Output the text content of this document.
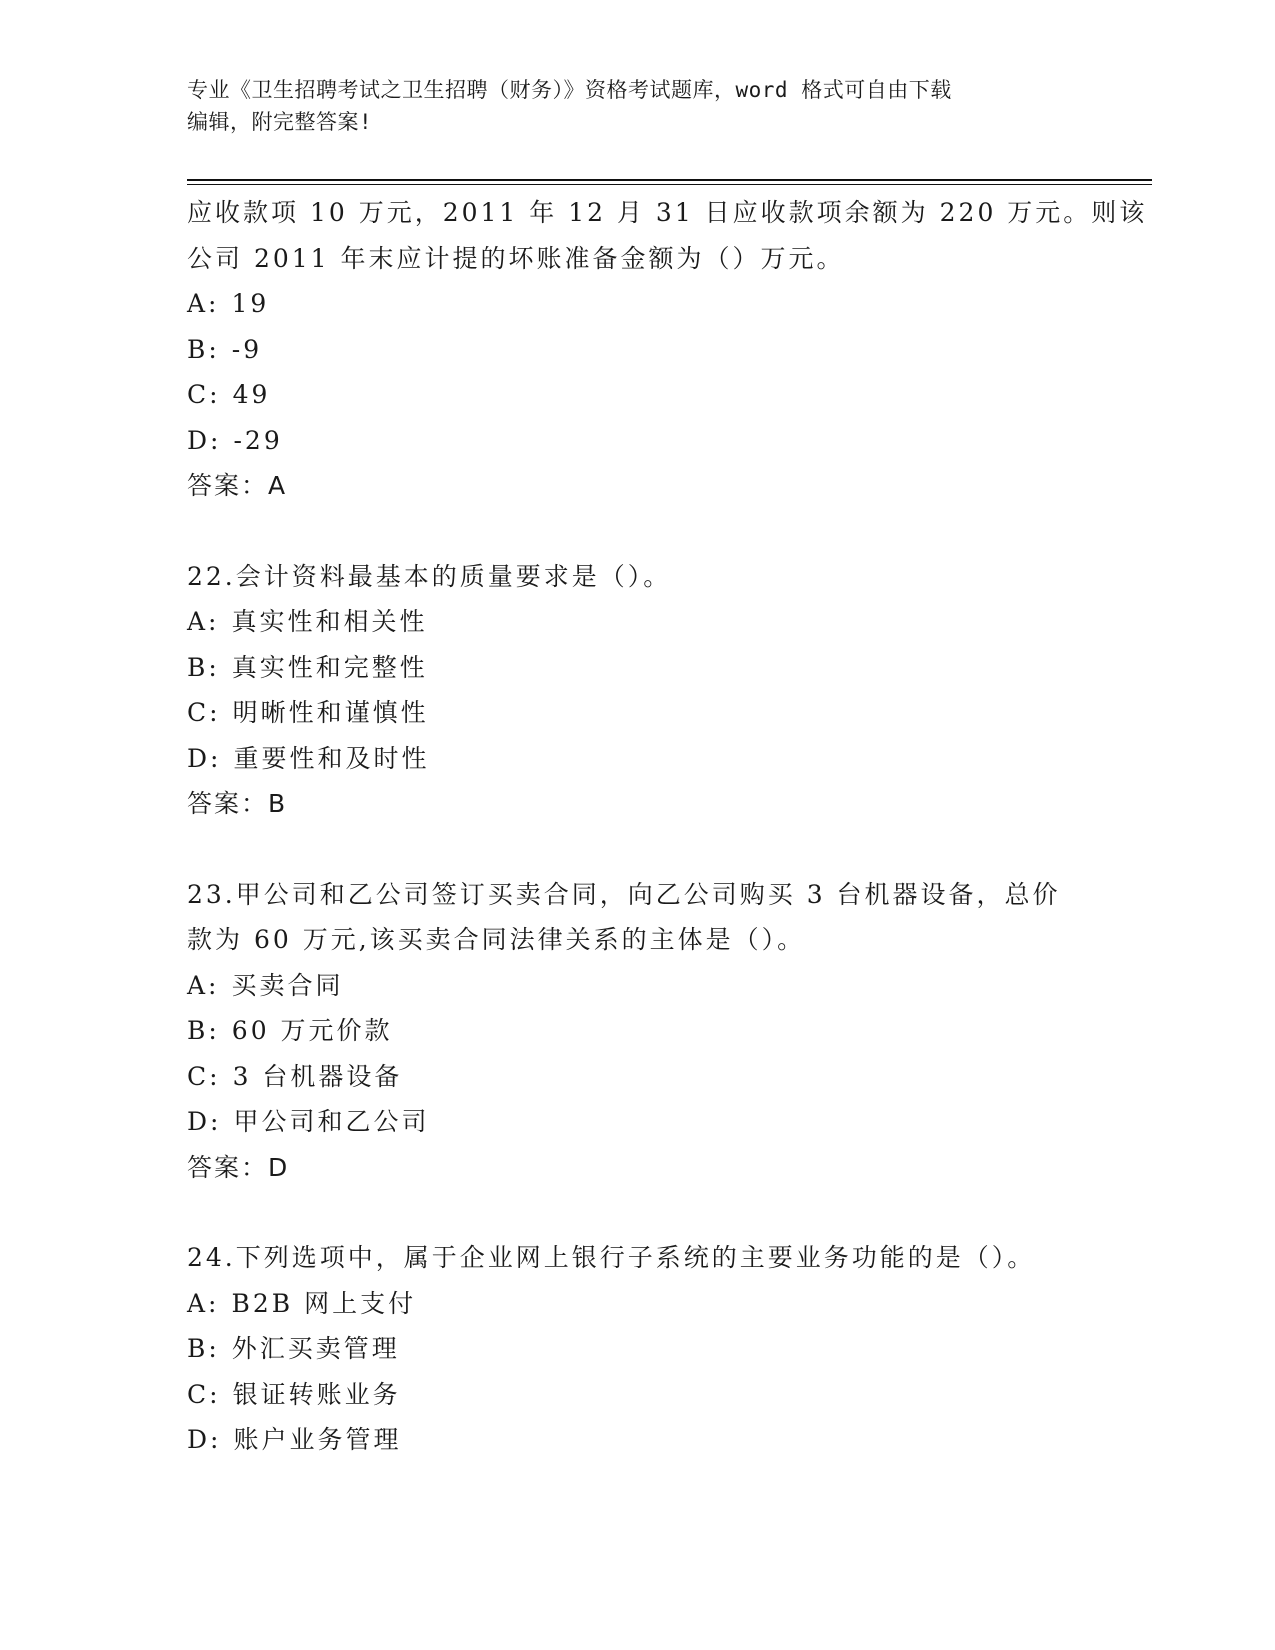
专业《卫生招聘考试之卫生招聘（财务）》资格考试题库，word 格式可自由下载
编辑，附完整答案!
应收款项 10 万元，2011 年 12 月 31 日应收款项余额为 220 万元。则该
公司 2011 年末应计提的坏账准备金额为（）万元。
A: 19
B: -9
C: 49
D: -29
答案：A
22.会计资料最基本的质量要求是（）。
A: 真实性和相关性
B: 真实性和完整性
C: 明晰性和谨慎性
D: 重要性和及时性
答案：B
23.甲公司和乙公司签订买卖合同，向乙公司购买 3 台机器设备，总价
款为 60 万元,该买卖合同法律关系的主体是（）。
A: 买卖合同
B: 60 万元价款
C: 3 台机器设备
D: 甲公司和乙公司
答案：D
24.下列选项中，属于企业网上银行子系统的主要业务功能的是（）。
A: B2B 网上支付
B: 外汇买卖管理
C: 银证转账业务
D: 账户业务管理
